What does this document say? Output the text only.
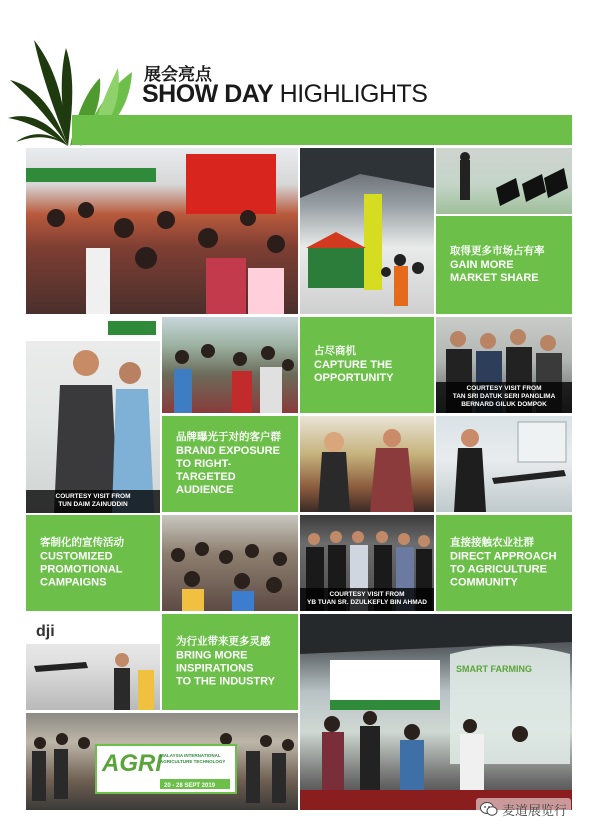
展会亮点
SHOW DAY HIGHLIGHTS
取得更多市场占有率
GAIN MORE
MARKET SHARE
COURTESY VISIT FROM
TUN DAIM ZAINUDDIN
占尽商机
CAPTURE THE
OPPORTUNITY
COURTESY VISIT FROM
TAN SRI DATUK SERI PANGLIMA
BERNARD GILUK DOMPOK
品牌曝光于对的客户群
BRAND EXPOSURE
TO RIGHT-TARGETED
AUDIENCE
客制化的宣传活动
CUSTOMIZED
PROMOTIONAL
CAMPAIGNS
COURTESY VISIT FROM
YB TUAN SR. DZULKEFLY BIN AHMAD
直接接触农业社群
DIRECT APPROACH
TO AGRICULTURE
COMMUNITY
dji
为行业带来更多灵感
BRING MORE
INSPIRATIONS
TO THE INDUSTRY
SMART FARMING
AGRI
MALAYSIA INTERNATIONAL
AGRICULTURE TECHNOLOGY
20 - 28 SEPT 2019
麦道展览行
